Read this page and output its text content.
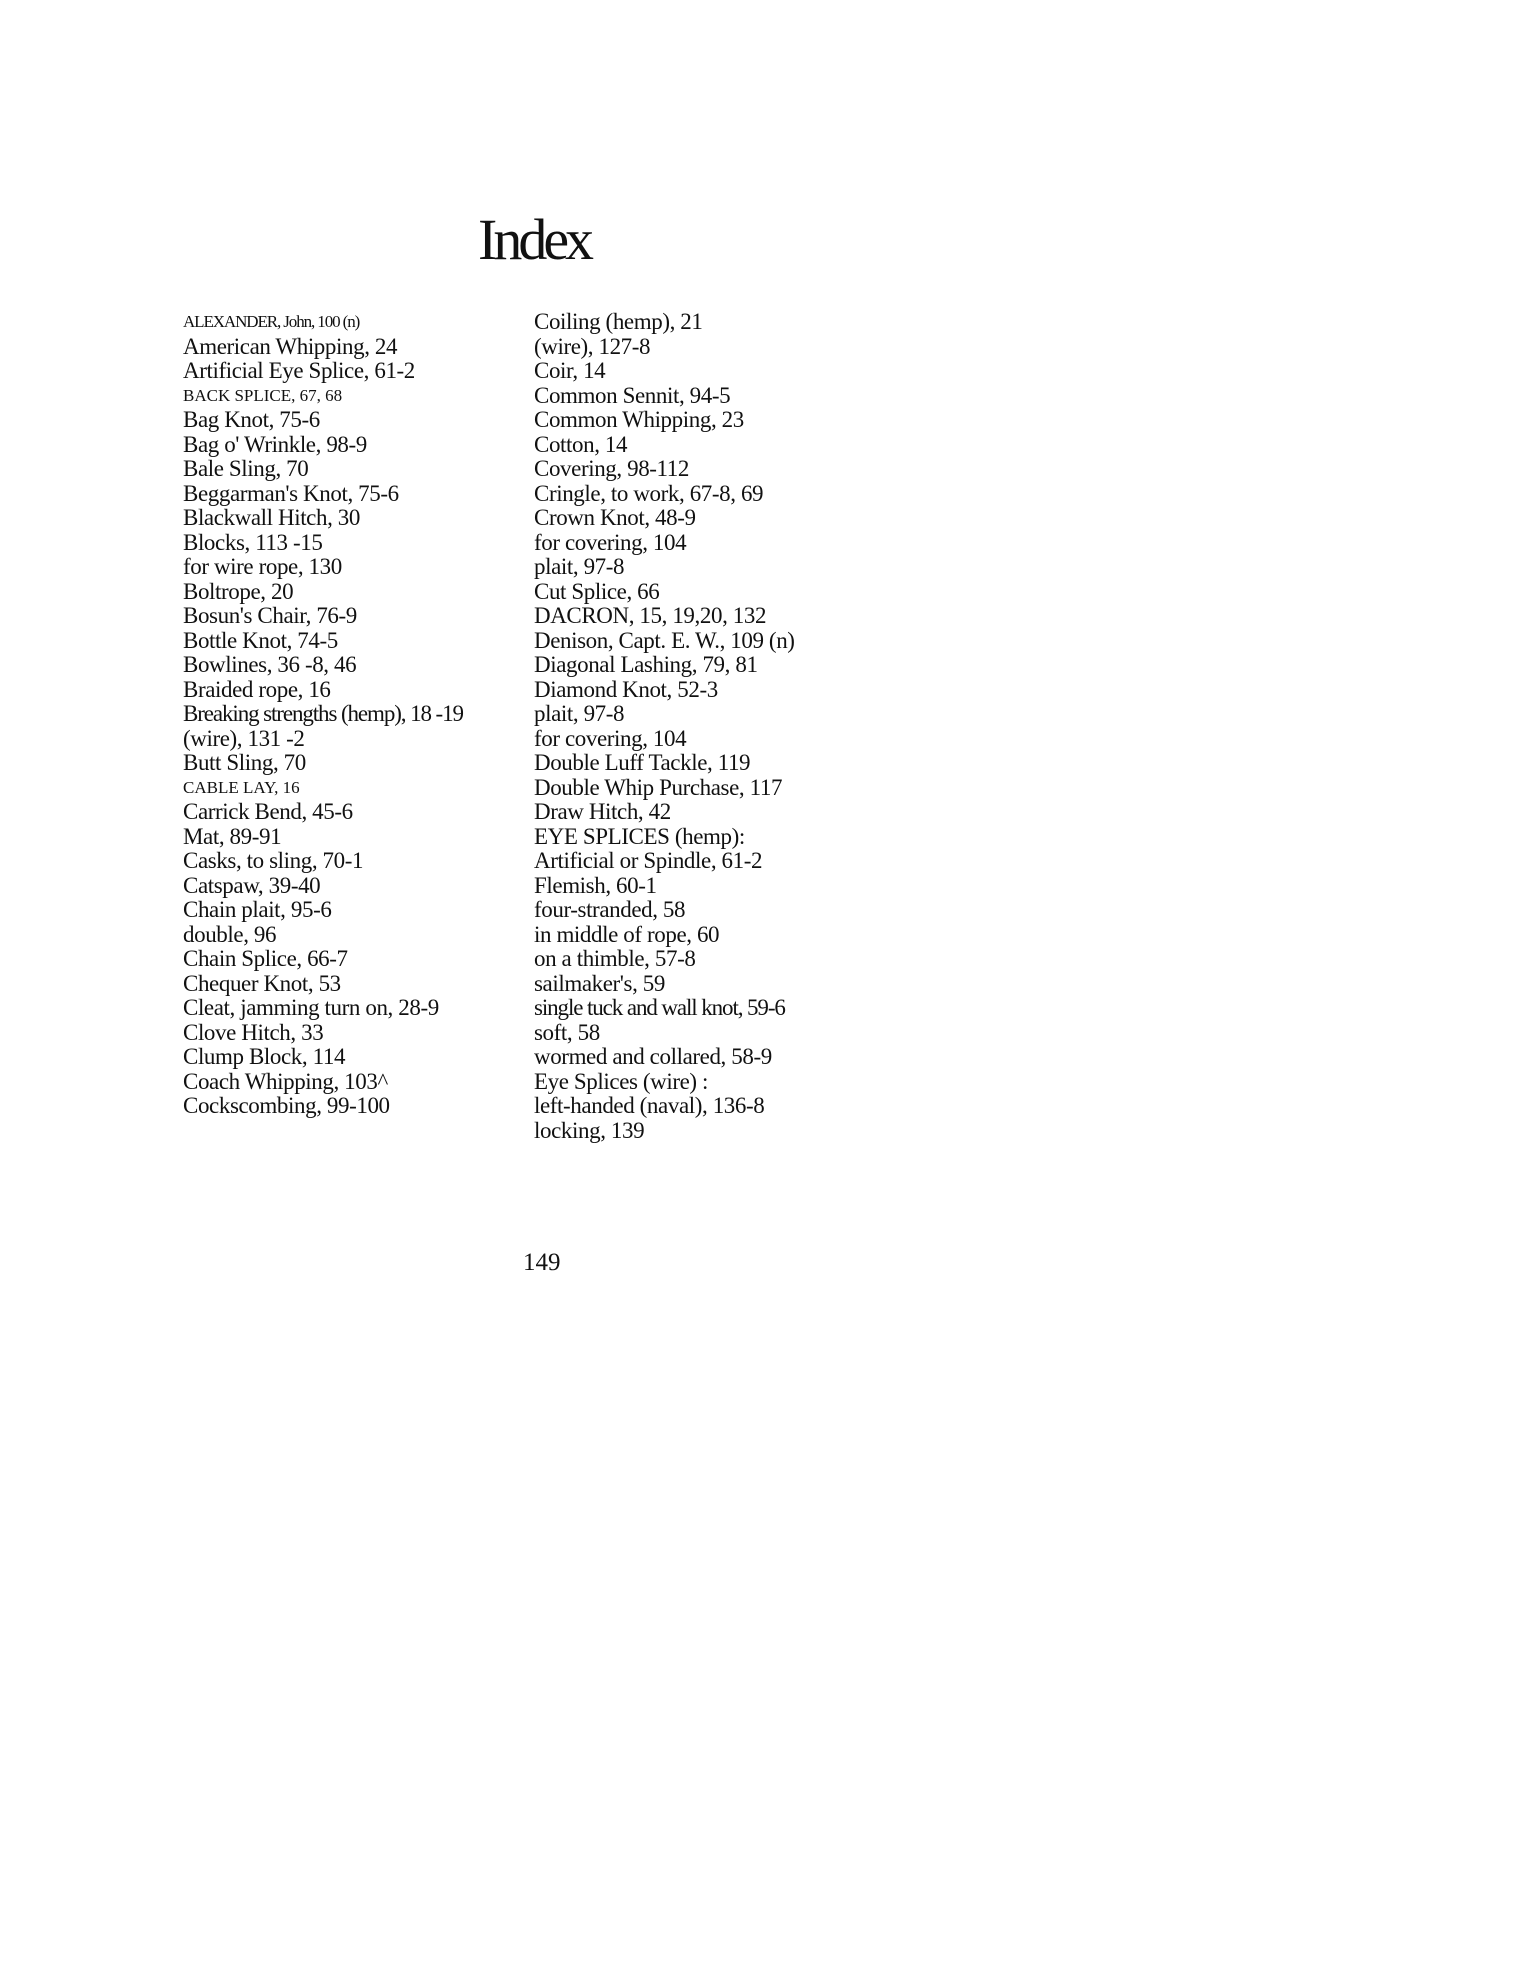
Index
ALEXANDER, John, 100 (n)
American Whipping, 24
Artificial Eye Splice, 61-2
BACK SPLICE, 67, 68
Bag Knot, 75-6
Bag o' Wrinkle, 98-9
Bale Sling, 70
Beggarman's Knot, 75-6
Blackwall Hitch, 30
Blocks, 113 -15
for wire rope, 130
Boltrope, 20
Bosun's Chair, 76-9
Bottle Knot, 74-5
Bowlines, 36 -8, 46
Braided rope, 16
Breaking strengths (hemp), 18 -19
(wire), 131 -2
Butt Sling, 70
CABLE LAY, 16
Carrick Bend, 45-6
Mat, 89-91
Casks, to sling, 70-1
Catspaw, 39-40
Chain plait, 95-6
double, 96
Chain Splice, 66-7
Chequer Knot, 53
Cleat, jamming turn on, 28-9
Clove Hitch, 33
Clump Block, 114
Coach Whipping, 103^
Cockscombing, 99-100
Coiling (hemp), 21
(wire), 127-8
Coir, 14
Common Sennit, 94-5
Common Whipping, 23
Cotton, 14
Covering, 98-112
Cringle, to work, 67-8, 69
Crown Knot, 48-9
for covering, 104
plait, 97-8
Cut Splice, 66
DACRON, 15, 19,20, 132
Denison, Capt. E. W., 109 (n)
Diagonal Lashing, 79, 81
Diamond Knot, 52-3
plait, 97-8
for covering, 104
Double Luff Tackle, 119
Double Whip Purchase, 117
Draw Hitch, 42
EYE SPLICES (hemp):
Artificial or Spindle, 61-2
Flemish, 60-1
four-stranded, 58
in middle of rope, 60
on a thimble, 57-8
sailmaker's, 59
single tuck and wall knot, 59-6
soft, 58
wormed and collared, 58-9
Eye Splices (wire) :
left-handed (naval), 136-8
locking, 139
149
